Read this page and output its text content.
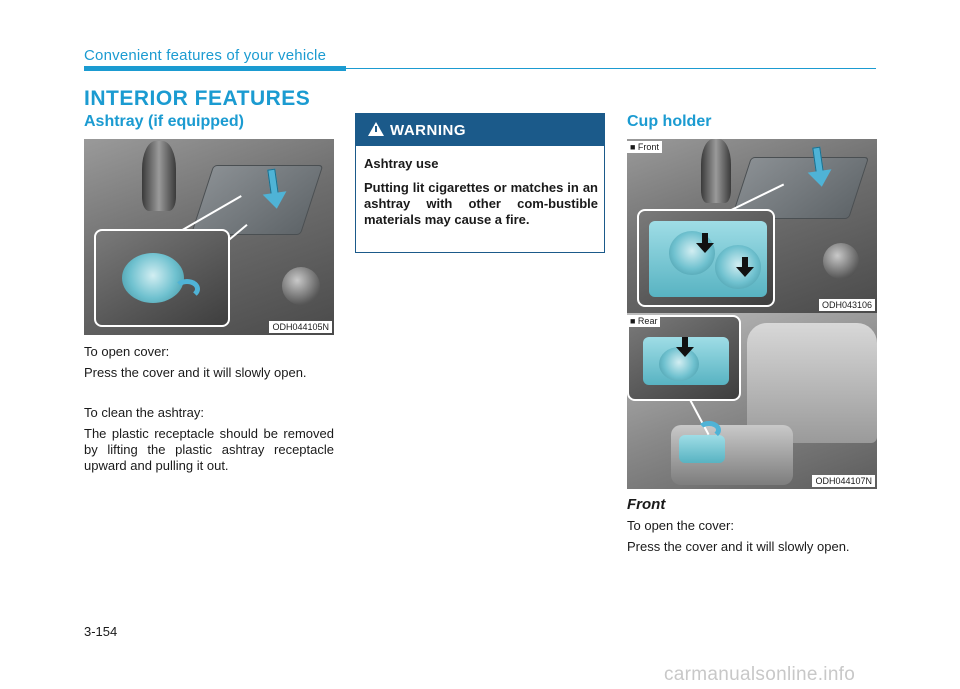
Convenient features of your vehicle
INTERIOR FEATURES
Ashtray (if equipped)
ODH044105N
To open cover:
Press the cover and it will slowly open.
To clean the ashtray:
The plastic receptacle should be removed by lifting the plastic ashtray receptacle upward and pulling it out.
WARNING
Ashtray use
Putting lit cigarettes or matches in an ashtray with other com-bustible materials may cause a fire.
Cup holder
■ Front
ODH043106
■ Rear
ODH044107N
Front
To open the cover:
Press the cover and it will slowly open.
3-154
carmanualsonline.info
